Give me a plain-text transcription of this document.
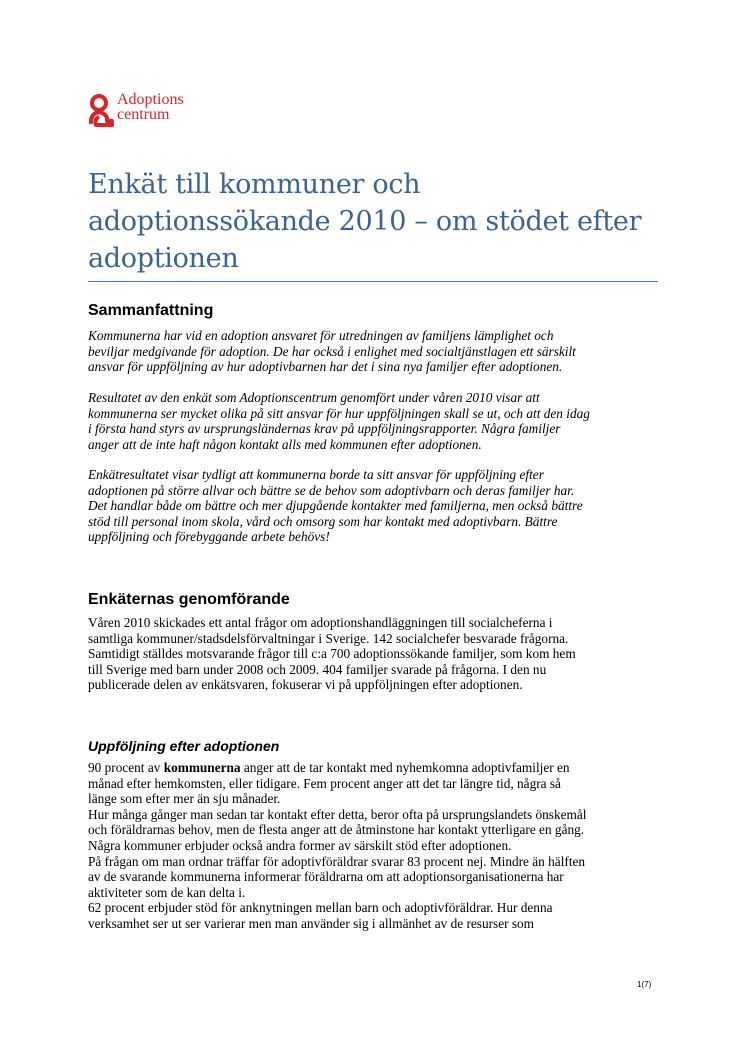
Adoptions
centrum
Enkät till kommuner och adoptionssökande 2010 – om stödet efter adoptionen
Sammanfattning
Kommunerna har vid en adoption ansvaret för utredningen av familjens lämplighet och
beviljar medgivande för adoption. De har också i enlighet med socialtjänstlagen ett särskilt
ansvar för uppföljning av hur adoptivbarnen har det i sina nya familjer efter adoptionen.
Resultatet av den enkät som Adoptionscentrum genomfört under våren 2010 visar att
kommunerna ser mycket olika på sitt ansvar för hur uppföljningen skall se ut, och att den idag
i första hand styrs av ursprungsländernas krav på uppföljningsrapporter. Några familjer
anger att de inte haft någon kontakt alls med kommunen efter adoptionen.
Enkätresultatet visar tydligt att kommunerna borde ta sitt ansvar för uppföljning efter
adoptionen på större allvar och bättre se de behov som adoptivbarn och deras familjer har.
Det handlar både om bättre och mer djupgående kontakter med familjerna, men också bättre
stöd till personal inom skola, vård och omsorg som har kontakt med adoptivbarn. Bättre
uppföljning och förebyggande arbete behövs!
Enkäternas genomförande
Våren 2010 skickades ett antal frågor om adoptionshandläggningen till socialcheferna i
samtliga kommuner/stadsdelsförvaltningar i Sverige. 142 socialchefer besvarade frågorna.
Samtidigt ställdes motsvarande frågor till c:a 700 adoptionssökande familjer, som kom hem
till Sverige med barn under 2008 och 2009. 404 familjer svarade på frågorna. I den nu
publicerade delen av enkätsvaren, fokuserar vi på uppföljningen efter adoptionen.
Uppföljning efter adoptionen
90 procent av kommunerna anger att de tar kontakt med nyhemkomna adoptivfamiljer en
månad efter hemkomsten, eller tidigare. Fem procent anger att det tar längre tid, några så
länge som efter mer än sju månader.
Hur många gånger man sedan tar kontakt efter detta, beror ofta på ursprungslandets önskemål
och föräldrarnas behov, men de flesta anger att de åtminstone har kontakt ytterligare en gång.
Några kommuner erbjuder också andra former av särskilt stöd efter adoptionen.
På frågan om man ordnar träffar för adoptivföräldrar svarar 83 procent nej. Mindre än hälften
av de svarande kommunerna informerar föräldrarna om att adoptionsorganisationerna har
aktiviteter som de kan delta i.
62 procent erbjuder stöd för anknytningen mellan barn och adoptivföräldrar. Hur denna
verksamhet ser ut ser varierar men man använder sig i allmänhet av de resurser som
1(7)
